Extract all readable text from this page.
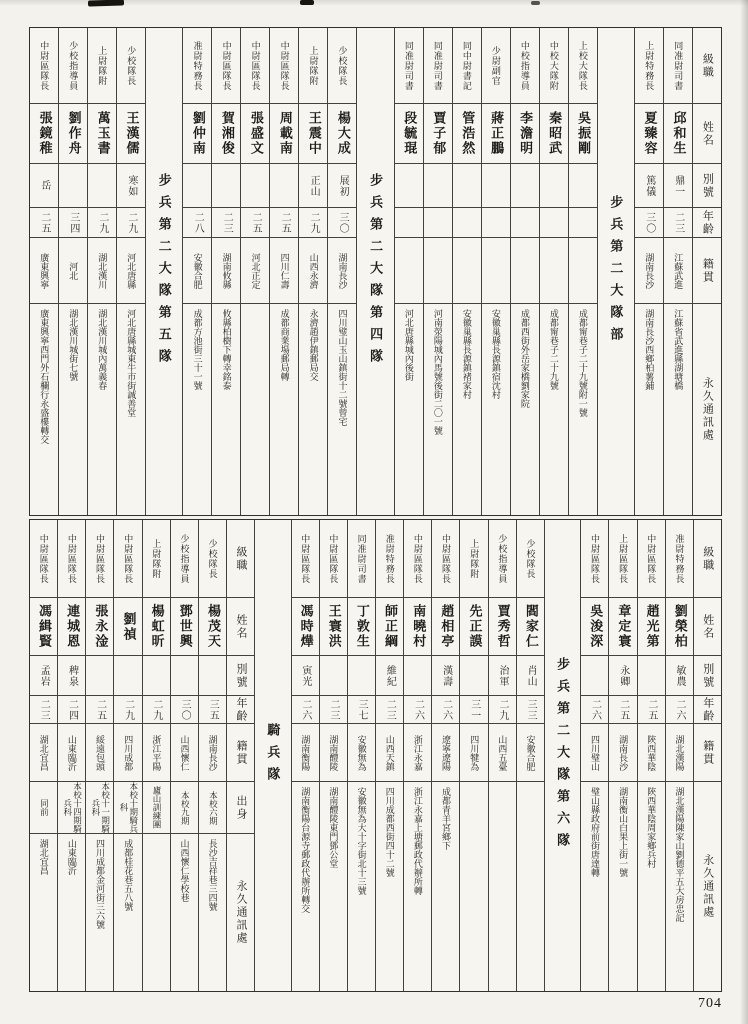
級職
姓名
別號
年齡
籍貫
永久通訊處
同准尉司書
邱和生
鼎一
二三
江蘇武進
江蘇省武進縣湖塘橋
上尉特務長
夏臻容
篤儀
三〇
湖南長沙
湖南長沙西鄉柏薯鋪
步兵第二大隊部
上校大隊長
吳振剛
成都甯巷子二十九號附一號
中校大隊附
秦昭武
成都甯巷子二十九號
中校指導員
李澹明
成都西街外岳家橋劉家院
少尉副官
蔣正鵬
安徽巢縣長源鎮宿沈村
同中尉書記
管浩然
安徽巢縣長源鎮褚家村
同准尉司書
賈子郁
河南滎陽城內馬號後街二〇一號
同准尉司書
段毓琨
河北唐縣城內後街
步兵第二大隊第四隊
少校隊長
楊大成
展初
三〇
湖南長沙
四川璧山玉山鎮街十二號曾宅
上尉隊附
王震中
正山
二九
山西永濟
永濟趙伊鎮郵局交
中尉區隊長
周載南
二五
四川仁壽
成都商業場郵局轉
中尉區隊長
張盛文
二五
河北正定
中尉區隊長
賀湘俊
二三
湖南攸縣
攸縣柏樹下轉幸銘泰
准尉特務長
劉仲南
二八
安徽合肥
成都方池街三十一號
步兵第二大隊第五隊
少校隊長
王漢儒
寒如
二九
河北唐縣
河北唐縣城東牛市街誠善堂
上尉隊附
萬玉書
二九
湖北漢川
湖北漢川城內萬義春
少校指導員
劉作舟
三四
河北
湖北漢川城街七號
中尉區隊長
張鏡稚
岳
二五
廣東興寧
廣東興寧西門外石欄行永盛樓轉交
級職
姓名
別號
年齡
籍貫
永久通訊處
准尉特務長
劉榮柏
敏農
二六
湖北漢陽
湖北漢陽陳家山劉德平五大房忠記
中尉區隊長
趙光第
二五
陝西華陰
陝西華陰周家鄉兵村
上尉區隊長
章定寰
永卿
二五
湖南長沙
湖南衡山白果上街一號
中尉區隊長
吳浚深
二六
四川璧山
璧山縣政府前街唐達轉
步兵第二大隊第六隊
少校隊長
閻家仁
肖山
三三
安徽合肥
少校指導員
賈秀哲
治軍
二九
山西五臺
上尉隊附
先正謨
三一
四川犍為
中尉區隊長
趙相亭
漢壽
二六
遼寧遼陽
成都青羊宮鄉下
中尉區隊長
南曉村
二六
浙江永嘉
浙江永嘉上塘郵政代辦所轉
准尉特務長
師正綱
維紀
二三
山西天鎮
四川成都西街四十二號
同准尉司書
丁敦生
三七
安徽無為
安徽無為大十字街北十三號
中尉區隊長
王寰洪
二三
湖南醴陵
湖南醴陵東門鄧公堂
中尉區隊長
馮時燁
寅光
二六
湖南衡陽
湖南衡陽台源寺郵政代辦所轉交
騎兵隊
級職
姓名
別號
年齡
籍貫
出身
永久通訊處
少校隊長
楊茂天
三五
湖南長沙
本校六期
長沙吉祥巷三四號
少校指導員
鄧世興
三〇
山西懷仁
本校九期
山西懷仁學校巷
上尉隊附
楊虹昕
二九
浙江平陽
廬山訓練團
中尉區隊長
劉禎
二九
四川成都
本校十期騎兵科
成都桂花巷五八號
中尉區隊長
張永淦
二五
綏遠包頭
本校十一期騎兵科
四川成都金河街三六號
中尉區隊長
連城恩
稗泉
二四
山東臨沂
本校十四期騎兵科
山東臨沂
中尉區隊長
馮緝賢
孟岩
二三
湖北宜昌
同前
湖北宜昌
704
